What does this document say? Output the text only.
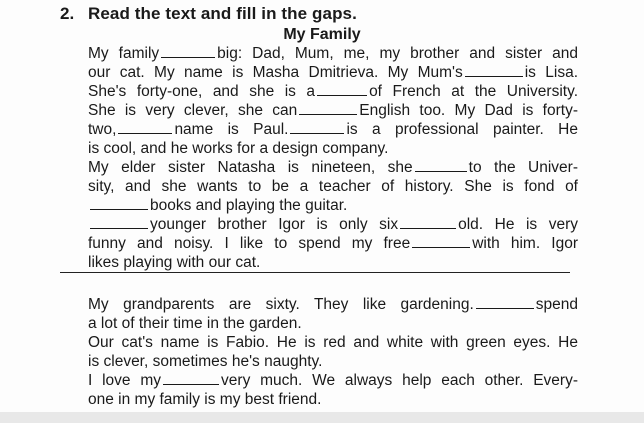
2. Read the text and fill in the gaps.
My Family
My family	big: Dad, Mum, me, my brother and sister and
our cat. My name is Masha Dmitrieva. My Mum's	is Lisa.
She's forty-one, and she is a	of French at the University.
She is very clever, she can	English too. My Dad is forty-
two,	name is Paul.	is a professional painter. He
is cool, and he works for a design company.
My elder sister Natasha is nineteen, she	to the Univer-
sity, and she wants to be a teacher of history. She is fond of
books and playing the guitar.
younger brother Igor is only six	old. He is very
funny and noisy. I like to spend my free	with him. Igor
likes playing with our cat.
My grandparents are sixty. They like gardening.	spend
a lot of their time in the garden.
Our cat's name is Fabio. He is red and white with green eyes. He
is clever, sometimes he's naughty.
I love my	very much. We always help each other. Every-
one in my family is my best friend.
